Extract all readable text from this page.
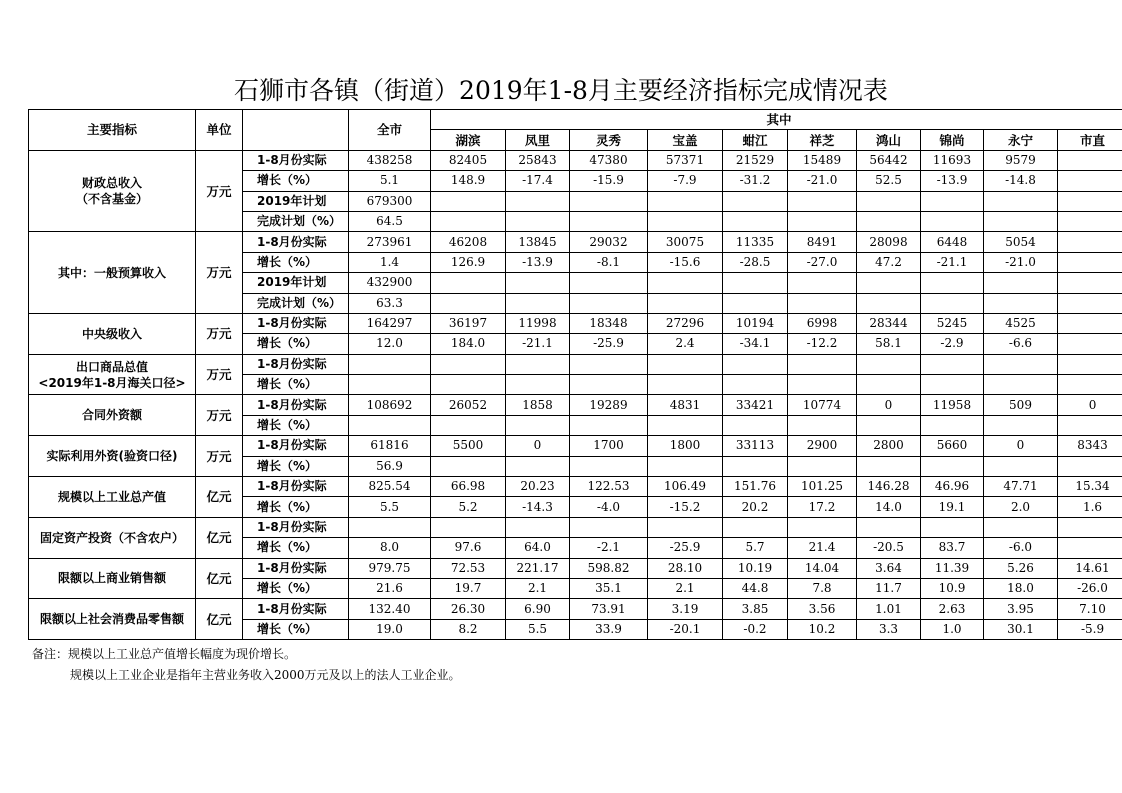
石狮市各镇（街道）2019年1-8月主要经济指标完成情况表
主要指标	单位		全市	其中									
				湖滨	凤里	灵秀	宝盖	蚶江	祥芝	鸿山	锦尚	永宁	市直
财政总收入
（不含基金）	万元	1-8月份实际	438258	82405	25843	47380	57371	21529	15489	56442	11693	9579	
		增长（%）	5.1	148.9	-17.4	-15.9	-7.9	-31.2	-21.0	52.5	-13.9	-14.8	
		2019年计划	679300										
		完成计划（%）	64.5										
其中：一般预算收入	万元	1-8月份实际	273961	46208	13845	29032	30075	11335	8491	28098	6448	5054	
		增长（%）	1.4	126.9	-13.9	-8.1	-15.6	-28.5	-27.0	47.2	-21.1	-21.0	
		2019年计划	432900										
		完成计划（%）	63.3										
中央级收入	万元	1-8月份实际	164297	36197	11998	18348	27296	10194	6998	28344	5245	4525	
		增长（%）	12.0	184.0	-21.1	-25.9	2.4	-34.1	-12.2	58.1	-2.9	-6.6	
出口商品总值
<2019年1-8月海关口径>	万元	1-8月份实际											
		增长（%）											
合同外资额	万元	1-8月份实际	108692	26052	1858	19289	4831	33421	10774	0	11958	509	0
		增长（%）											
实际利用外资(验资口径)	万元	1-8月份实际	61816	5500	0	1700	1800	33113	2900	2800	5660	0	8343
		增长（%）	56.9										
规模以上工业总产值	亿元	1-8月份实际	825.54	66.98	20.23	122.53	106.49	151.76	101.25	146.28	46.96	47.71	15.34
		增长（%）	5.5	5.2	-14.3	-4.0	-15.2	20.2	17.2	14.0	19.1	2.0	1.6
固定资产投资（不含农户）	亿元	1-8月份实际											
		增长（%）	8.0	97.6	64.0	-2.1	-25.9	5.7	21.4	-20.5	83.7	-6.0	
限额以上商业销售额	亿元	1-8月份实际	979.75	72.53	221.17	598.82	28.10	10.19	14.04	3.64	11.39	5.26	14.61
		增长（%）	21.6	19.7	2.1	35.1	2.1	44.8	7.8	11.7	10.9	18.0	-26.0
限额以上社会消费品零售额	亿元	1-8月份实际	132.40	26.30	6.90	73.91	3.19	3.85	3.56	1.01	2.63	3.95	7.10
		增长（%）	19.0	8.2	5.5	33.9	-20.1	-0.2	10.2	3.3	1.0	30.1	-5.9
备注：规模以上工业总产值增长幅度为现价增长。
规模以上工业企业是指年主营业务收入2000万元及以上的法人工业企业。
